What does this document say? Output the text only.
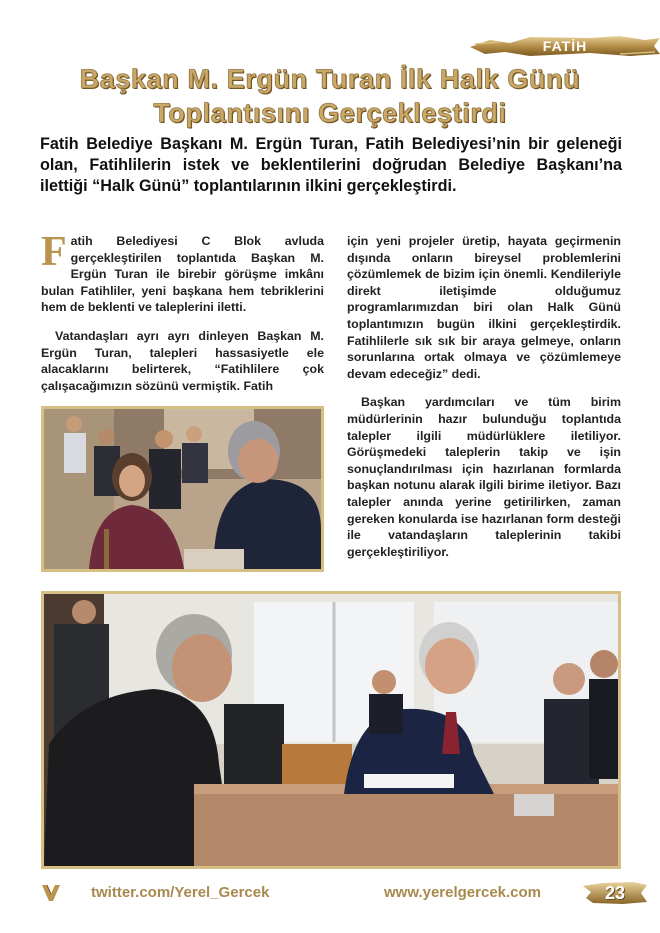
FATİH
Başkan M. Ergün Turan İlk Halk Günü Toplantısını Gerçekleştirdi

Fatih Belediye Başkanı M. Ergün Turan, Fatih Belediyesi’nin bir geleneği olan, Fatihlilerin istek ve beklentilerini doğrudan Belediye Başkanı’na ilettiği “Halk Günü” toplantılarının ilkini gerçekleştirdi.

Fatih Belediyesi C Blok avluda gerçekleştirilen toplantıda Başkan M. Ergün Turan ile birebir görüşme imkânı bulan Fatihliler, yeni başkana hem tebriklerini hem de beklenti ve taleplerini iletti.

Vatandaşları ayrı ayrı dinleyen Başkan M. Ergün Turan, talepleri hassasiyetle ele alacaklarını belirterek, “Fatihlilere çok çalışacağımızın sözünü vermiştik. Fatih

için yeni projeler üretip, hayata geçirmenin dışında onların bireysel problemlerini çözümlemek de bizim için önemli. Kendileriyle direkt iletişimde olduğumuz programlarımızdan biri olan Halk Günü toplantımızın bugün ilkini gerçekleştirdik. Fatihlilerle sık sık bir araya gelmeye, onların sorunlarına ortak olmaya ve çözümlemeye devam edeceğiz” dedi.

Başkan yardımcıları ve tüm birim müdürlerinin hazır bulunduğu toplantıda talepler ilgili müdürlüklere iletiliyor. Görüşmedeki taleplerin takip ve işin sonuçlandırılması için hazırlanan formlarda başkan notunu alarak ilgili birime iletiyor. Bazı talepler anında yerine getirilirken, zaman gereken konularda ise hazırlanan form desteği ile vatandaşların taleplerinin takibi gerçekleştiriliyor.

twitter.com/Yerel_Gercek	www.yerelgercek.com	23
